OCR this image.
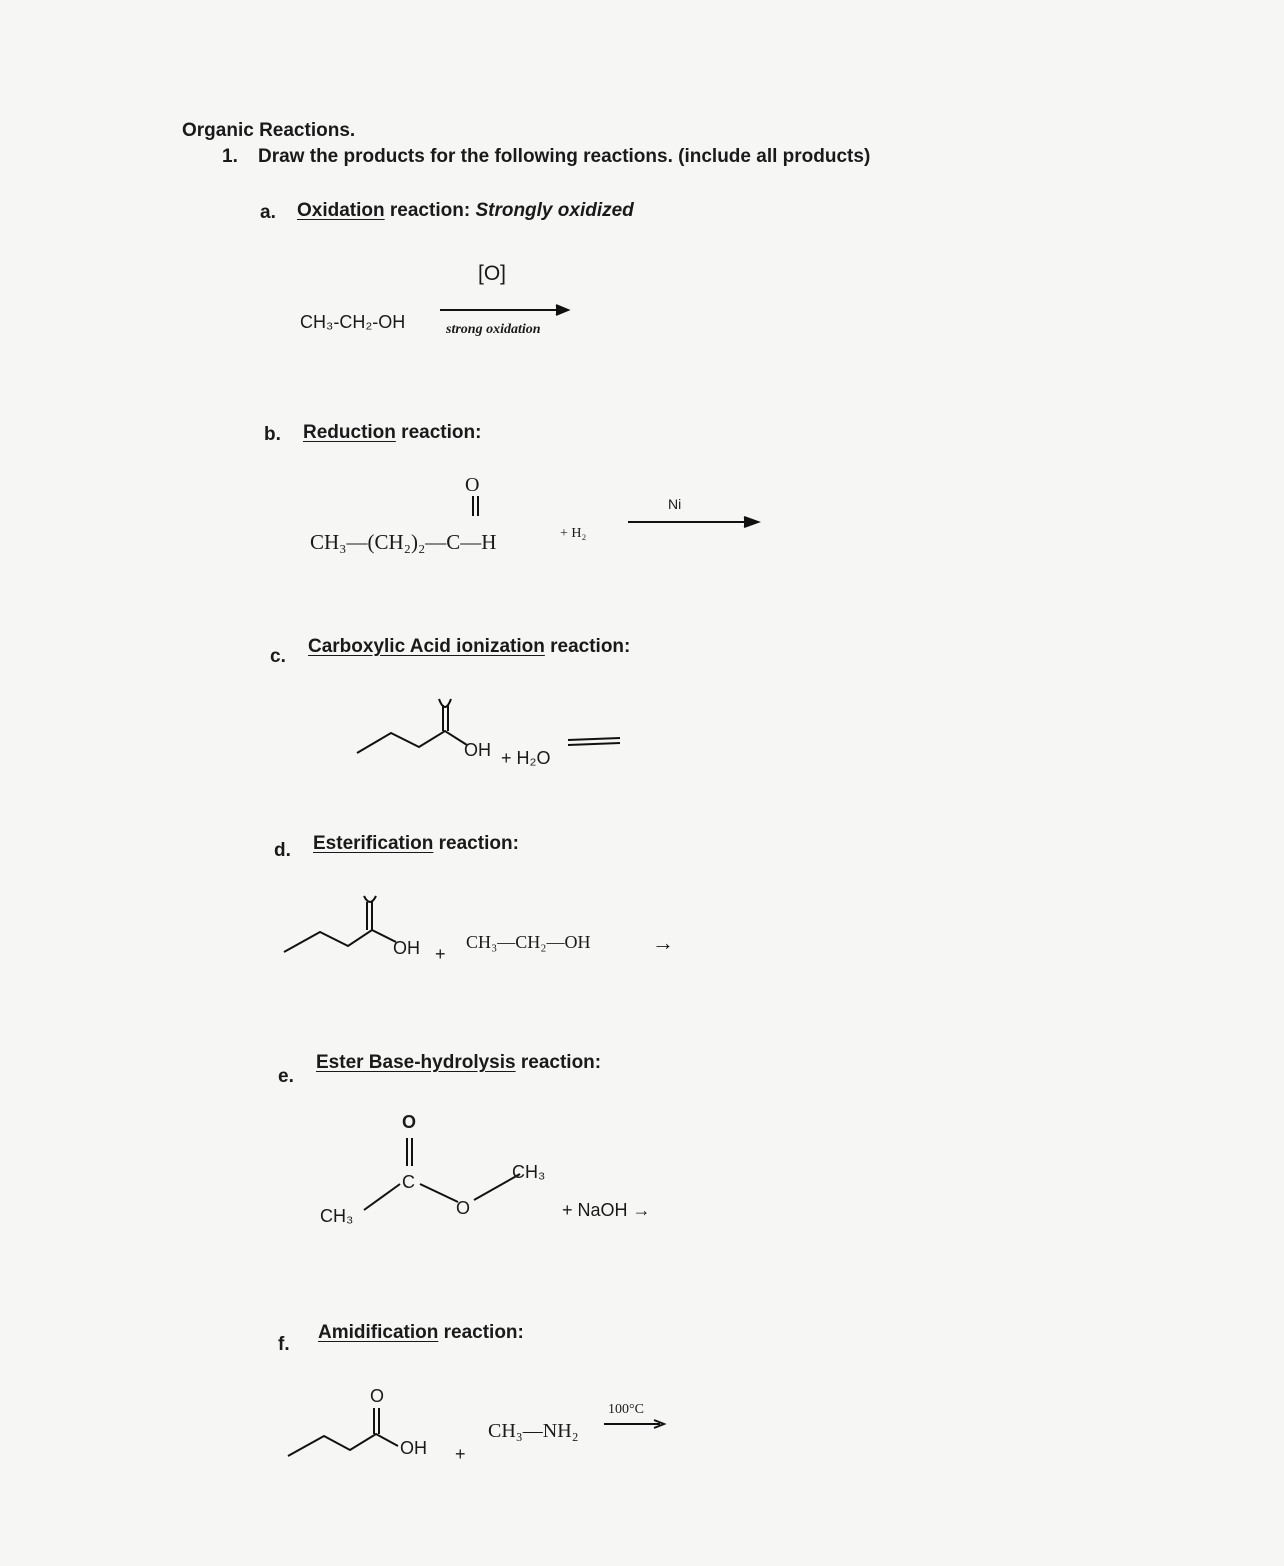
Organic Reactions.
1. Draw the products for the following reactions. (include all products)
a. Oxidation reaction: Strongly oxidized
CH₃-CH₂-OH
[O]
strong oxidation
b. Reduction reaction:
O
CH₃—(CH₂)₂—C—H	+ H₂
Ni
c. Carboxylic Acid ionization reaction:
OH + H₂O
d. Esterification reaction:
OH +
CH₃—CH₂—OH	→
e.
Ester Base-hydrolysis reaction:
O
C
O
CH₃
CH₃
+ NaOH →
f.
Amidification reaction:
O
OH +
CH₃—NH₂
100°C
